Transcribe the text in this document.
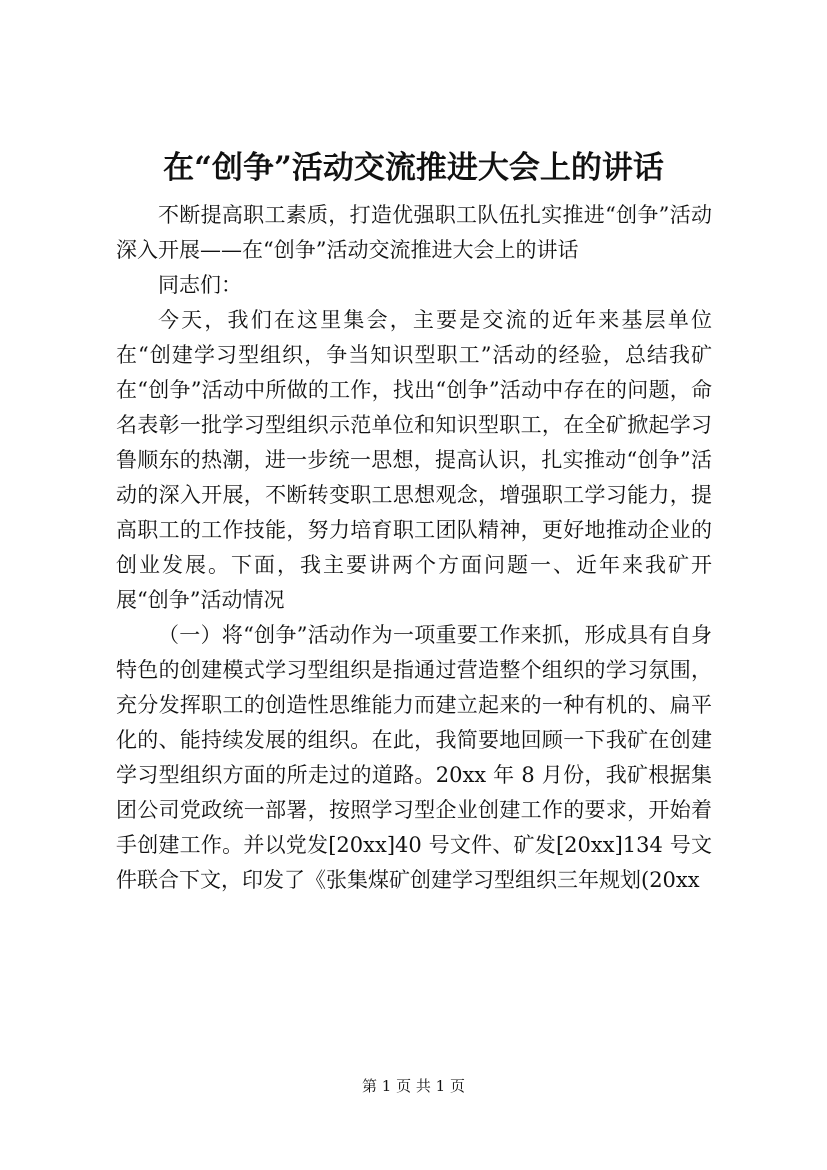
在“创争”活动交流推进大会上的讲话

不断提高职工素质，打造优强职工队伍扎实推进“创争”活动深入开展——在“创争”活动交流推进大会上的讲话

同志们：

今天，我们在这里集会，主要是交流的近年来基层单位在“创建学习型组织，争当知识型职工”活动的经验，总结我矿在“创争”活动中所做的工作，找出“创争”活动中存在的问题，命名表彰一批学习型组织示范单位和知识型职工，在全矿掀起学习鲁顺东的热潮，进一步统一思想，提高认识，扎实推动“创争”活动的深入开展，不断转变职工思想观念，增强职工学习能力，提高职工的工作技能，努力培育职工团队精神，更好地推动企业的创业发展。下面，我主要讲两个方面问题一、近年来我矿开展“创争”活动情况

（一）将“创争”活动作为一项重要工作来抓，形成具有自身特色的创建模式学习型组织是指通过营造整个组织的学习氛围，充分发挥职工的创造性思维能力而建立起来的一种有机的、扁平化的、能持续发展的组织。在此，我简要地回顾一下我矿在创建学习型组织方面的所走过的道路。20xx 年 8 月份，我矿根据集团公司党政统一部署，按照学习型企业创建工作的要求，开始着手创建工作。并以党发[20xx]40 号文件、矿发[20xx]134 号文件联合下文，印发了《张集煤矿创建学习型组织三年规划(20xx

第 1 页 共 1 页
